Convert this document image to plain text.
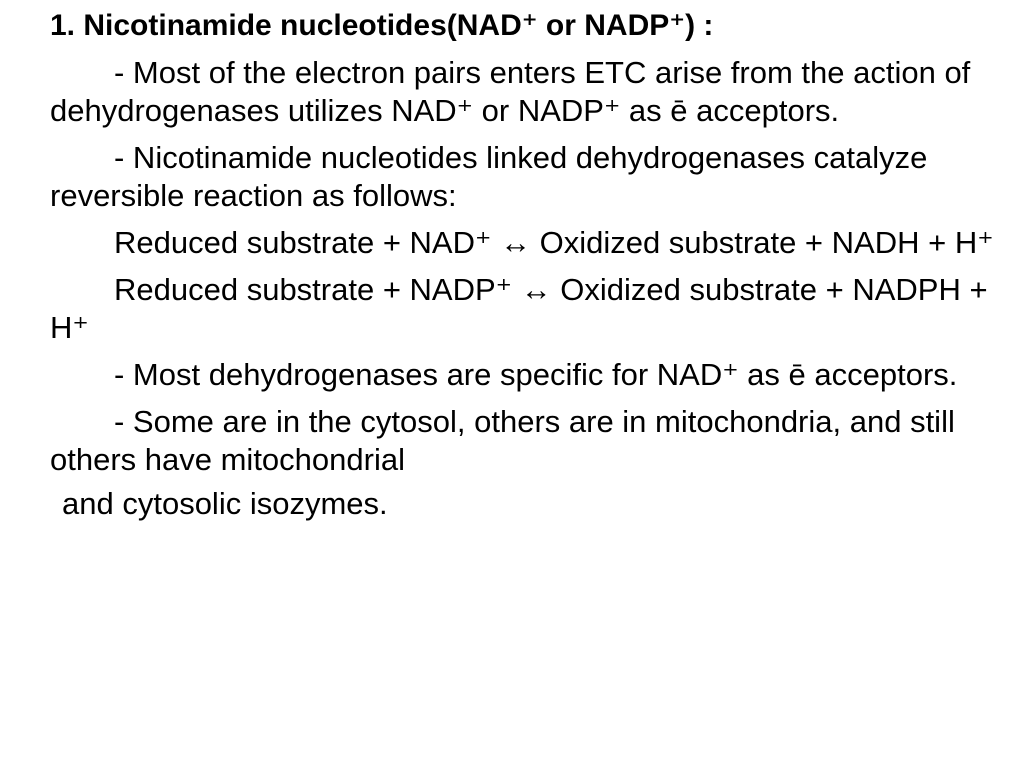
1. Nicotinamide nucleotides(NAD⁺ or NADP⁺) :
- Most of the electron pairs enters ETC arise from the action of dehydrogenases utilizes NAD⁺ or NADP⁺ as ē acceptors.
- Nicotinamide nucleotides linked dehydrogenases catalyze reversible reaction as follows:
Reduced substrate + NAD⁺ ↔ Oxidized substrate + NADH + H⁺
Reduced substrate + NADP⁺ ↔ Oxidized substrate + NADPH + H⁺
- Most dehydrogenases are specific for NAD⁺ as ē acceptors.
- Some are in the cytosol, others are in mitochondria, and still others have mitochondrial
and cytosolic isozymes.
